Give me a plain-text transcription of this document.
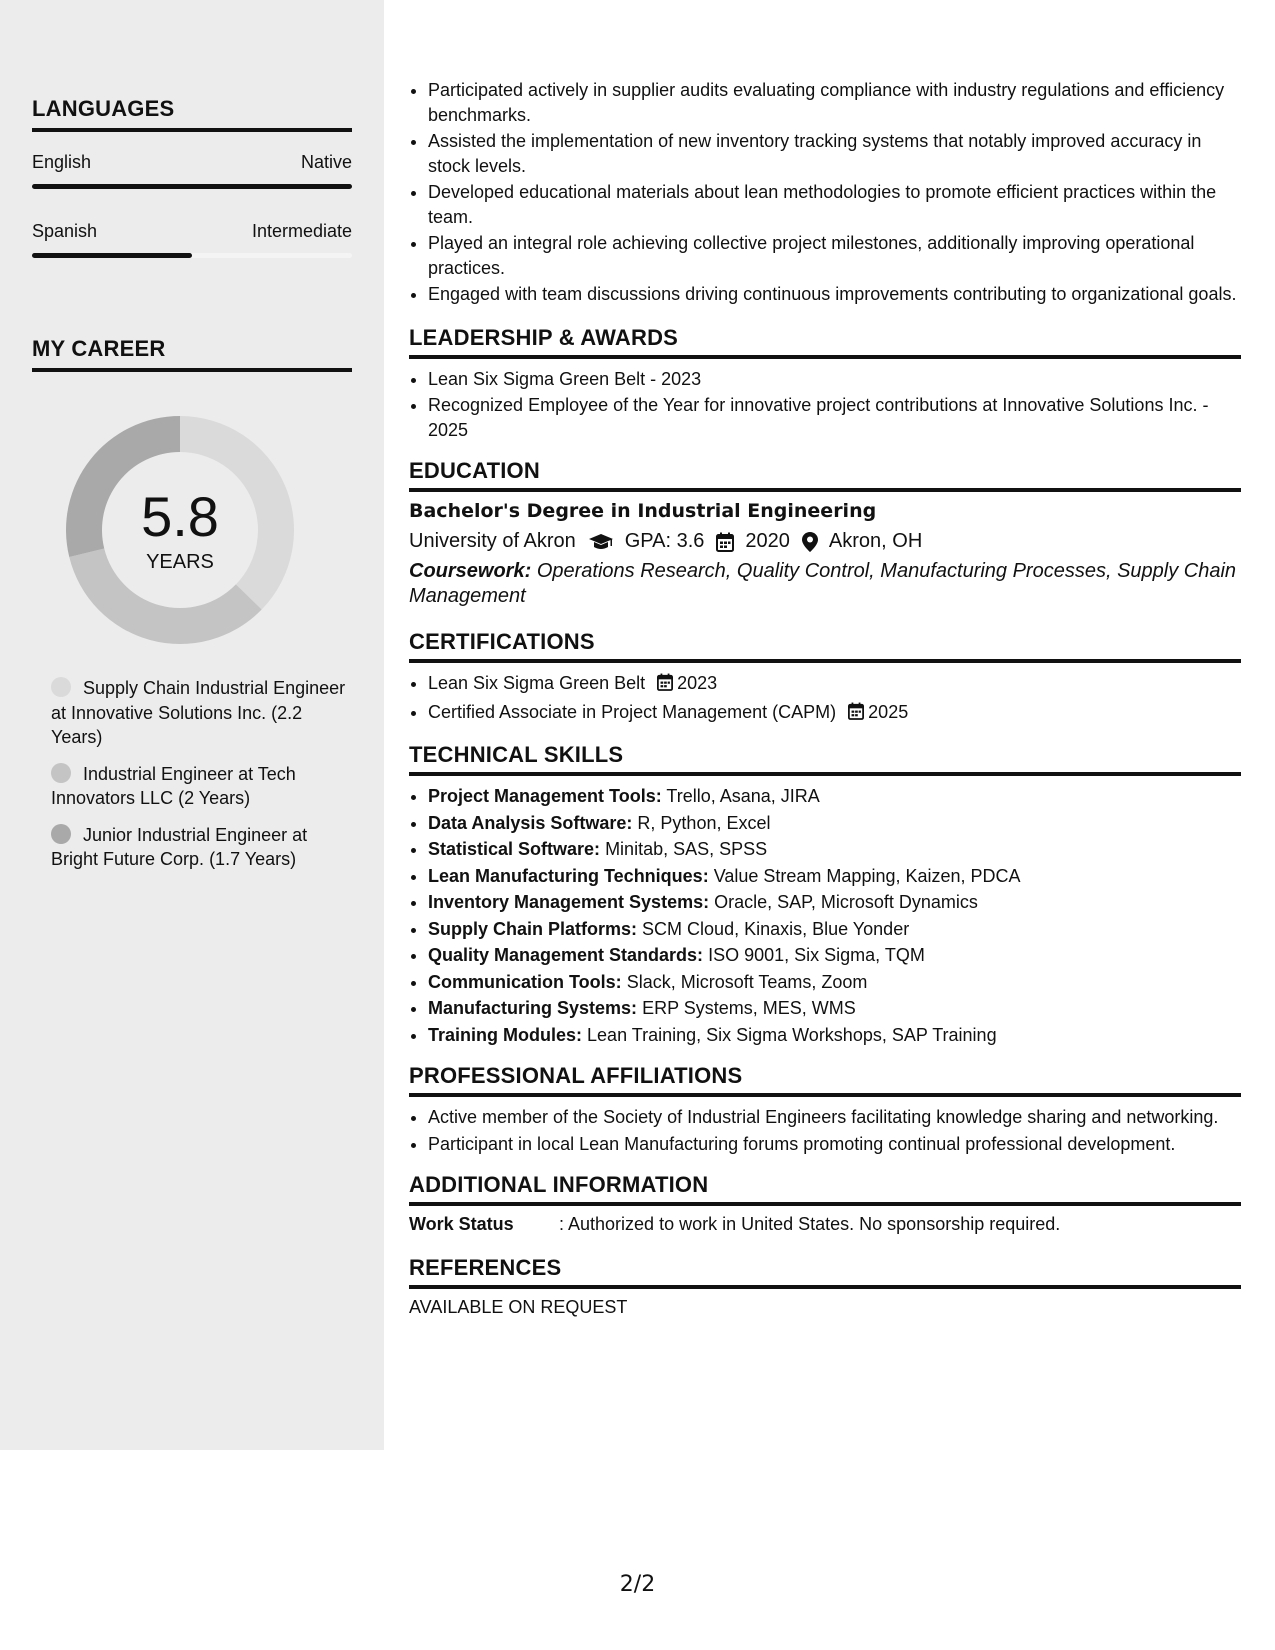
LANGUAGES
English	Native
Spanish	Intermediate
MY CAREER
5.8
YEARS
Supply Chain Industrial Engineer at Innovative Solutions Inc. (2.2 Years)
Industrial Engineer at Tech Innovators LLC (2 Years)
Junior Industrial Engineer at Bright Future Corp. (1.7 Years)
• Participated actively in supplier audits evaluating compliance with industry regulations and efficiency benchmarks.
• Assisted the implementation of new inventory tracking systems that notably improved accuracy in stock levels.
• Developed educational materials about lean methodologies to promote efficient practices within the team.
• Played an integral role achieving collective project milestones, additionally improving operational practices.
• Engaged with team discussions driving continuous improvements contributing to organizational goals.
LEADERSHIP & AWARDS
• Lean Six Sigma Green Belt - 2023
• Recognized Employee of the Year for innovative project contributions at Innovative Solutions Inc. - 2025
EDUCATION
Bachelor's Degree in Industrial Engineering
University of Akron GPA: 3.6 2020 Akron, OH
Coursework: Operations Research, Quality Control, Manufacturing Processes, Supply Chain Management
CERTIFICATIONS
• Lean Six Sigma Green Belt 2023
• Certified Associate in Project Management (CAPM) 2025
TECHNICAL SKILLS
• Project Management Tools: Trello, Asana, JIRA
• Data Analysis Software: R, Python, Excel
• Statistical Software: Minitab, SAS, SPSS
• Lean Manufacturing Techniques: Value Stream Mapping, Kaizen, PDCA
• Inventory Management Systems: Oracle, SAP, Microsoft Dynamics
• Supply Chain Platforms: SCM Cloud, Kinaxis, Blue Yonder
• Quality Management Standards: ISO 9001, Six Sigma, TQM
• Communication Tools: Slack, Microsoft Teams, Zoom
• Manufacturing Systems: ERP Systems, MES, WMS
• Training Modules: Lean Training, Six Sigma Workshops, SAP Training
PROFESSIONAL AFFILIATIONS
• Active member of the Society of Industrial Engineers facilitating knowledge sharing and networking.
• Participant in local Lean Manufacturing forums promoting continual professional development.
ADDITIONAL INFORMATION
Work Status	: Authorized to work in United States. No sponsorship required.
REFERENCES
AVAILABLE ON REQUEST
2/2
